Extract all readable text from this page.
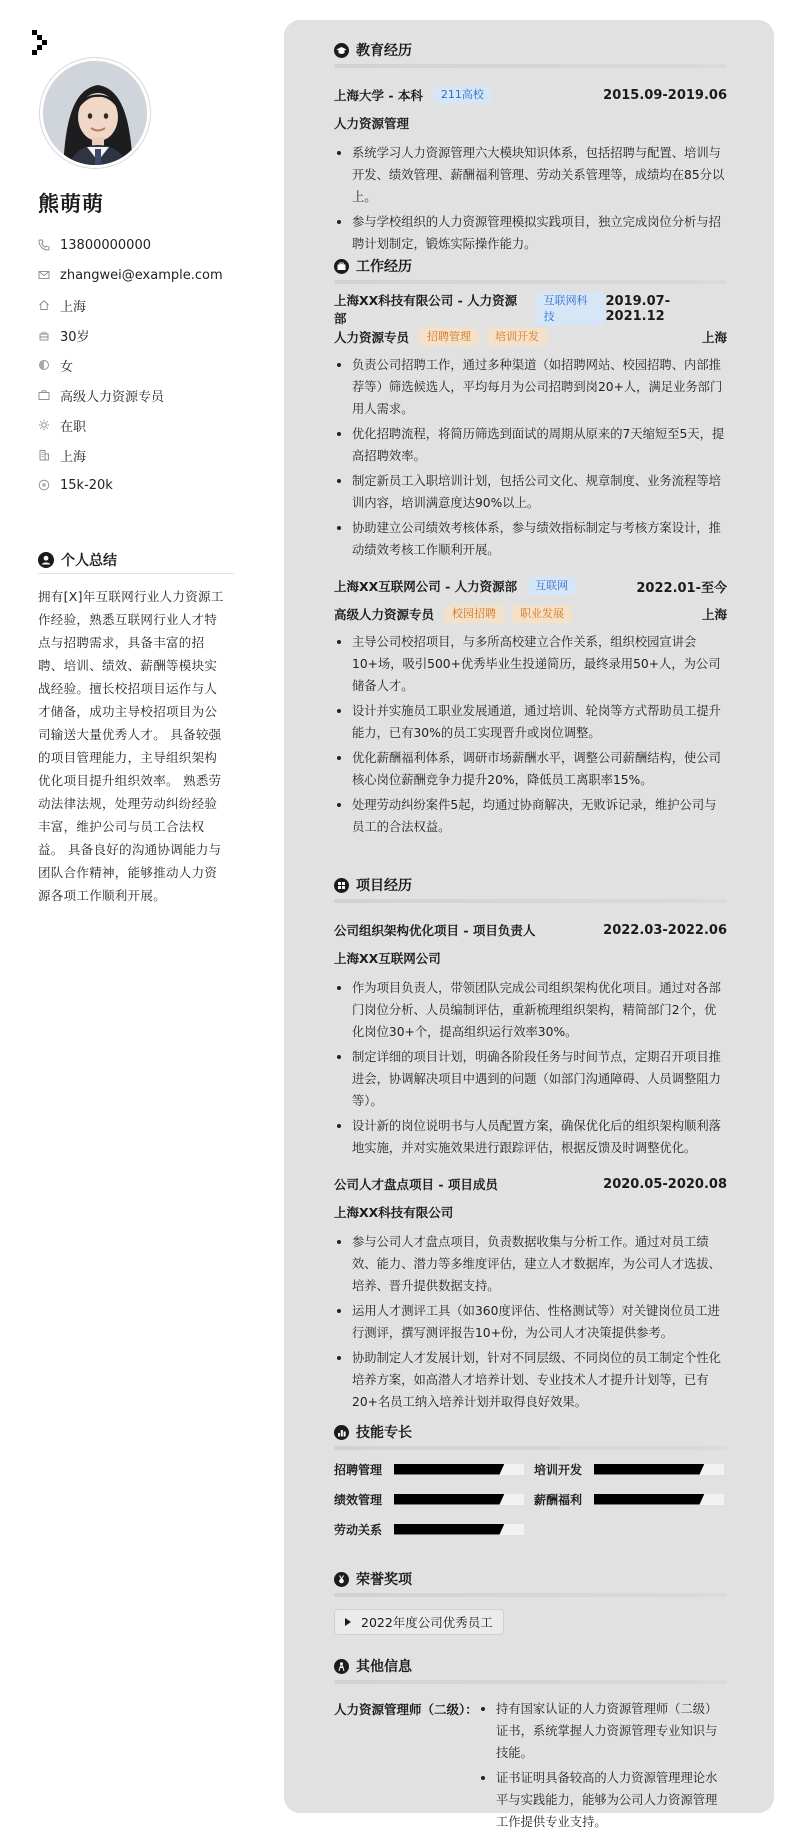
熊萌萌
13800000000
zhangwei@example.com
上海
30岁
女
高级人力资源专员
在职
上海
15k-20k
个人总结
拥有[X]年互联网行业人力资源工作经验，熟悉互联网行业人才特点与招聘需求，具备丰富的招聘、培训、绩效、薪酬等模块实战经验。擅长校招项目运作与人才储备，成功主导校招项目为公司输送大量优秀人才。 具备较强的项目管理能力，主导组织架构优化项目提升组织效率。 熟悉劳动法律法规，处理劳动纠纷经验丰富，维护公司与员工合法权益。 具备良好的沟通协调能力与团队合作精神，能够推动人力资源各项工作顺利开展。
教育经历
上海大学 - 本科	211高校	2015.09-2019.06
人力资源管理
系统学习人力资源管理六大模块知识体系，包括招聘与配置、培训与开发、绩效管理、薪酬福利管理、劳动关系管理等，成绩均在85分以上。
参与学校组织的人力资源管理模拟实践项目，独立完成岗位分析与招聘计划制定，锻炼实际操作能力。
工作经历
上海XX科技有限公司 - 人力资源部
互联网科技
2019.07-2021.12
人力资源专员	招聘管理	培训开发	上海
负责公司招聘工作，通过多种渠道（如招聘网站、校园招聘、内部推荐等）筛选候选人，平均每月为公司招聘到岗20+人，满足业务部门用人需求。
优化招聘流程，将简历筛选到面试的周期从原来的7天缩短至5天，提高招聘效率。
制定新员工入职培训计划，包括公司文化、规章制度、业务流程等培训内容，培训满意度达90%以上。
协助建立公司绩效考核体系，参与绩效指标制定与考核方案设计，推动绩效考核工作顺利开展。
上海XX互联网公司 - 人力资源部	互联网	2022.01-至今
高级人力资源专员	校园招聘	职业发展	上海
主导公司校招项目，与多所高校建立合作关系，组织校园宣讲会10+场，吸引500+优秀毕业生投递简历，最终录用50+人，为公司储备人才。
设计并实施员工职业发展通道，通过培训、轮岗等方式帮助员工提升能力，已有30%的员工实现晋升或岗位调整。
优化薪酬福利体系，调研市场薪酬水平，调整公司薪酬结构，使公司核心岗位薪酬竞争力提升20%，降低员工离职率15%。
处理劳动纠纷案件5起，均通过协商解决，无败诉记录，维护公司与员工的合法权益。
项目经历
公司组织架构优化项目 - 项目负责人	2022.03-2022.06
上海XX互联网公司
作为项目负责人，带领团队完成公司组织架构优化项目。通过对各部门岗位分析、人员编制评估，重新梳理组织架构，精简部门2个，优化岗位30+个，提高组织运行效率30%。
制定详细的项目计划，明确各阶段任务与时间节点，定期召开项目推进会，协调解决项目中遇到的问题（如部门沟通障碍、人员调整阻力等）。
设计新的岗位说明书与人员配置方案，确保优化后的组织架构顺利落地实施，并对实施效果进行跟踪评估，根据反馈及时调整优化。
公司人才盘点项目 - 项目成员	2020.05-2020.08
上海XX科技有限公司
参与公司人才盘点项目，负责数据收集与分析工作。通过对员工绩效、能力、潜力等多维度评估，建立人才数据库，为公司人才选拔、培养、晋升提供数据支持。
运用人才测评工具（如360度评估、性格测试等）对关键岗位员工进行测评，撰写测评报告10+份，为公司人才决策提供参考。
协助制定人才发展计划，针对不同层级、不同岗位的员工制定个性化培养方案，如高潜人才培养计划、专业技术人才提升计划等，已有20+名员工纳入培养计划并取得良好效果。
技能专长
招聘管理	培训开发
绩效管理	薪酬福利
劳动关系
荣誉奖项
2022年度公司优秀员工
其他信息
人力资源管理师（二级）：	持有国家认证的人力资源管理师（二级）证书，系统掌握人力资源管理专业知识与技能。
证书证明具备较高的人力资源管理理论水平与实践能力，能够为公司人力资源管理工作提供专业支持。
